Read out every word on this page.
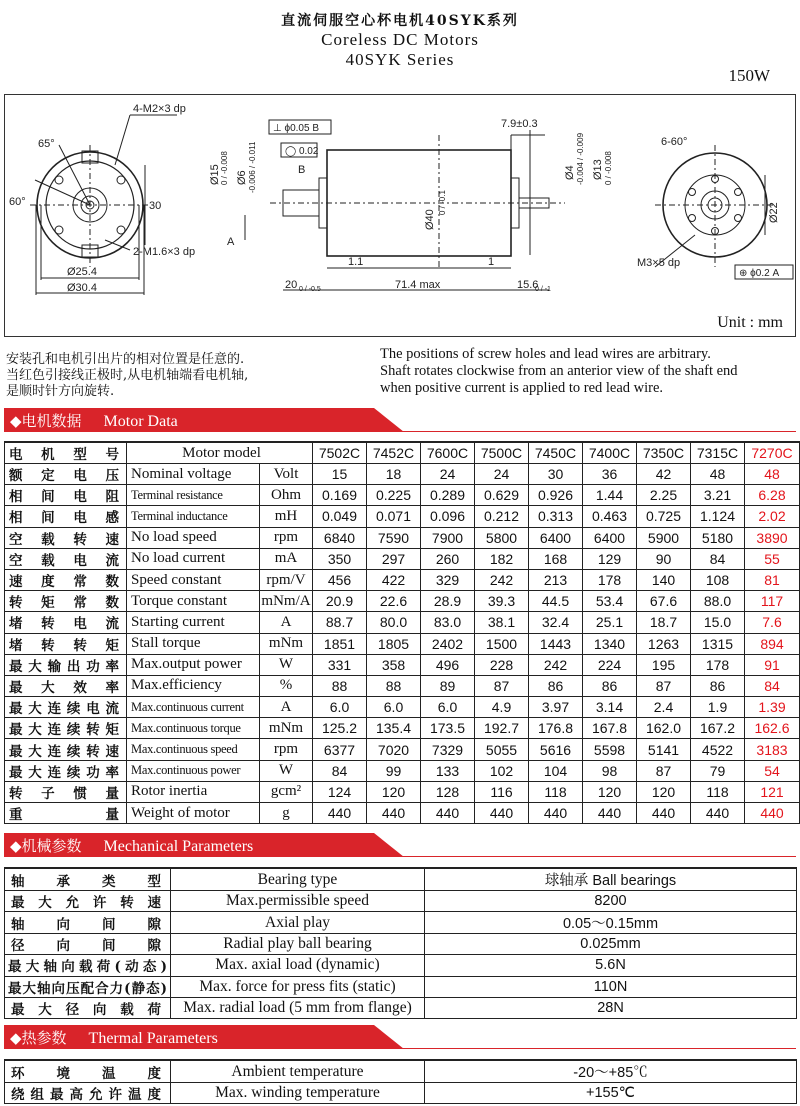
直流伺服空心杯电机40SYK系列
Coreless DC Motors
40SYK Series
150W
4-M2×3 dp
65°
60°	30
2-M1.6×3 dp
Ø25.4
Ø30.4
⊥ ϕ0.05 B
◯ 0.02
B
A
Ø15 0 / -0.008 Ø6 -0.006 / -0.011
Ø40
0 / -0.1
Ø4 -0.004 / -0.009 Ø13 0 / -0.008
7.9±0.3
1.1	1
20 0 / -0.5	71.4 max	15.6
0 / -1
6-60°
Ø22
M3×5 dp
⊕ ϕ0.2 A
Unit : mm
安装孔和电机引出片的相对位置是任意的.
当红色引接线正极时,从电机轴端看电机轴,
是顺时针方向旋转.
The positions of screw holes and lead wires are arbitrary.
Shaft rotates clockwise from an anterior view of the shaft end
when positive current is applied to red lead wire.
◆电机数据 Motor Data
电机型号	Motor model		7502C	7452C	7600C	7500C	7450C	7400C	7350C	7315C	7270C
额定电压	Nominal voltage	Volt	15	18	24	24	30	36	42	48	48
相间电阻	Terminal resistance	Ohm	0.169	0.225	0.289	0.629	0.926	1.44	2.25	3.21	6.28
相间电感	Terminal inductance	mH	0.049	0.071	0.096	0.212	0.313	0.463	0.725	1.124	2.02
空载转速	No load speed	rpm	6840	7590	7900	5800	6400	6400	5900	5180	3890
空载电流	No load current	mA	350	297	260	182	168	129	90	84	55
速度常数	Speed constant	rpm/V	456	422	329	242	213	178	140	108	81
转矩常数	Torque constant	mNm/A	20.9	22.6	28.9	39.3	44.5	53.4	67.6	88.0	117
堵转电流	Starting current	A	88.7	80.0	83.0	38.1	32.4	25.1	18.7	15.0	7.6
堵转转矩	Stall torque	mNm	1851	1805	2402	1500	1443	1340	1263	1315	894
最大输出功率	Max.output power	W	331	358	496	228	242	224	195	178	91
最大效率	Max.efficiency	%	88	88	89	87	86	86	87	86	84
最大连续电流	Max.continuous current	A	6.0	6.0	6.0	4.9	3.97	3.14	2.4	1.9	1.39
最大连续转矩	Max.continuous torque	mNm	125.2	135.4	173.5	192.7	176.8	167.8	162.0	167.2	162.6
最大连续转速	Max.continuous speed	rpm	6377	7020	7329	5055	5616	5598	5141	4522	3183
最大连续功率	Max.continuous power	W	84	99	133	102	104	98	87	79	54
转子惯量	Rotor inertia	gcm²	124	120	128	116	118	120	120	118	121
重量	Weight of motor	g	440	440	440	440	440	440	440	440	440
◆机械参数 Mechanical Parameters
轴承类型	Bearing type	球轴承 Ball bearings
最大允许转速	Max.permissible speed	8200
轴向间隙	Axial play	0.05～0.15mm
径向间隙	Radial play ball bearing	0.025mm
最大轴向载荷(动态)	Max. axial load (dynamic)	5.6N
最大轴向压配合力(静态)	Max. force for press fits (static)	110N
最大径向载荷	Max. radial load (5 mm from flange)	28N
◆热参数 Thermal Parameters
环境温度	Ambient temperature	-20～+85℃
绕组最高允许温度	Max. winding temperature	+155℃
